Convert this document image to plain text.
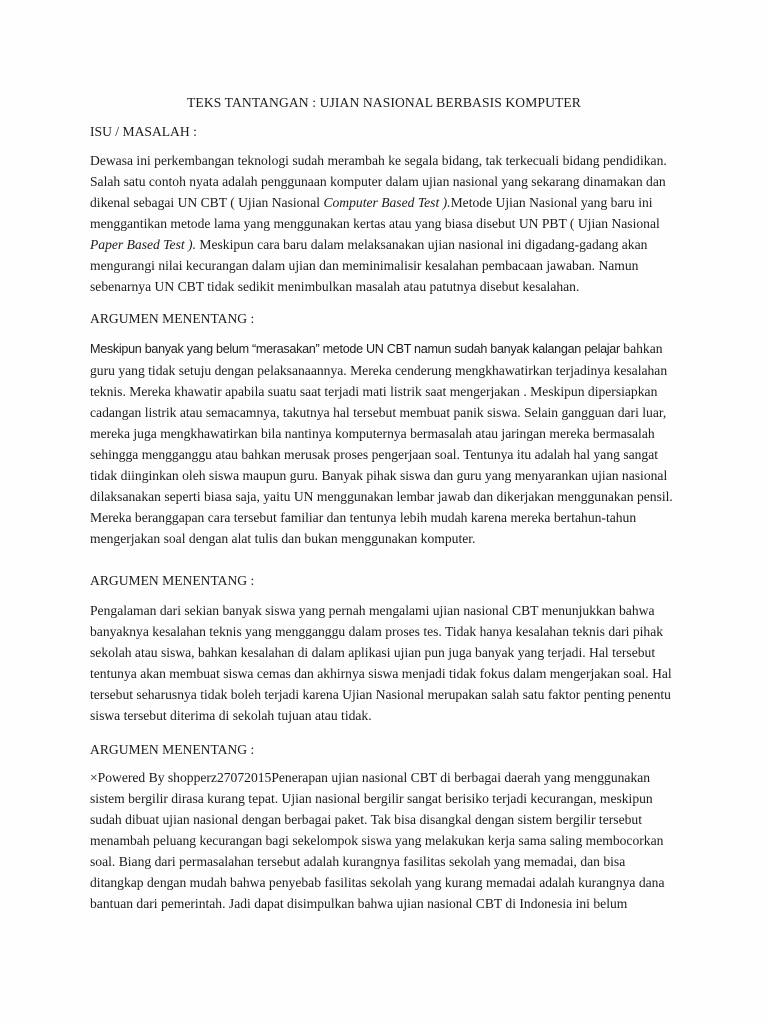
TEKS TANTANGAN : UJIAN NASIONAL BERBASIS KOMPUTER
ISU / MASALAH :
Dewasa ini perkembangan teknologi sudah merambah ke segala bidang, tak terkecuali bidang pendidikan. Salah satu contoh nyata adalah penggunaan komputer dalam ujian nasional yang sekarang dinamakan dan dikenal sebagai UN CBT ( Ujian Nasional Computer Based Test ).Metode Ujian Nasional yang baru ini menggantikan metode lama yang menggunakan kertas atau yang biasa disebut UN PBT ( Ujian Nasional Paper Based Test ). Meskipun cara baru dalam melaksanakan ujian nasional ini digadang-gadang akan mengurangi nilai kecurangan dalam ujian dan meminimalisir kesalahan pembacaan jawaban. Namun sebenarnya UN CBT tidak sedikit menimbulkan masalah atau patutnya disebut kesalahan.
ARGUMEN MENENTANG :
Meskipun banyak yang belum “merasakan” metode UN CBT namun sudah banyak kalangan pelajar bahkan guru yang tidak setuju dengan pelaksanaannya. Mereka cenderung mengkhawatirkan terjadinya kesalahan teknis. Mereka khawatir apabila suatu saat terjadi mati listrik saat mengerjakan . Meskipun dipersiapkan cadangan listrik atau semacamnya, takutnya hal tersebut membuat panik siswa. Selain gangguan dari luar, mereka juga mengkhawatirkan bila nantinya komputernya bermasalah atau jaringan mereka bermasalah sehingga mengganggu atau bahkan merusak proses pengerjaan soal. Tentunya itu adalah hal yang sangat tidak diinginkan oleh siswa maupun guru. Banyak pihak siswa dan guru yang menyarankan ujian nasional dilaksanakan seperti biasa saja, yaitu UN menggunakan lembar jawab dan dikerjakan menggunakan pensil. Mereka beranggapan cara tersebut familiar dan tentunya lebih mudah karena mereka bertahun-tahun mengerjakan soal dengan alat tulis dan bukan menggunakan komputer.
ARGUMEN MENENTANG :
Pengalaman dari sekian banyak siswa yang pernah mengalami ujian nasional CBT menunjukkan bahwa banyaknya kesalahan teknis yang mengganggu dalam proses tes. Tidak hanya kesalahan teknis dari pihak sekolah atau siswa, bahkan kesalahan di dalam aplikasi ujian pun juga banyak yang terjadi. Hal tersebut tentunya akan membuat siswa cemas dan akhirnya siswa menjadi tidak fokus dalam mengerjakan soal. Hal tersebut seharusnya tidak boleh terjadi karena Ujian Nasional merupakan salah satu faktor penting penentu siswa tersebut diterima di sekolah tujuan atau tidak.
ARGUMEN MENENTANG :
×Powered By shopperz27072015Penerapan ujian nasional CBT di berbagai daerah yang menggunakan sistem bergilir dirasa kurang tepat. Ujian nasional bergilir sangat berisiko terjadi kecurangan, meskipun sudah dibuat ujian nasional dengan berbagai paket. Tak bisa disangkal dengan sistem bergilir tersebut menambah peluang kecurangan bagi sekelompok siswa yang melakukan kerja sama saling membocorkan soal. Biang dari permasalahan tersebut adalah kurangnya fasilitas sekolah yang memadai, dan bisa ditangkap dengan mudah bahwa penyebab fasilitas sekolah yang kurang memadai adalah kurangnya dana bantuan dari pemerintah. Jadi dapat disimpulkan bahwa ujian nasional CBT di Indonesia ini belum
